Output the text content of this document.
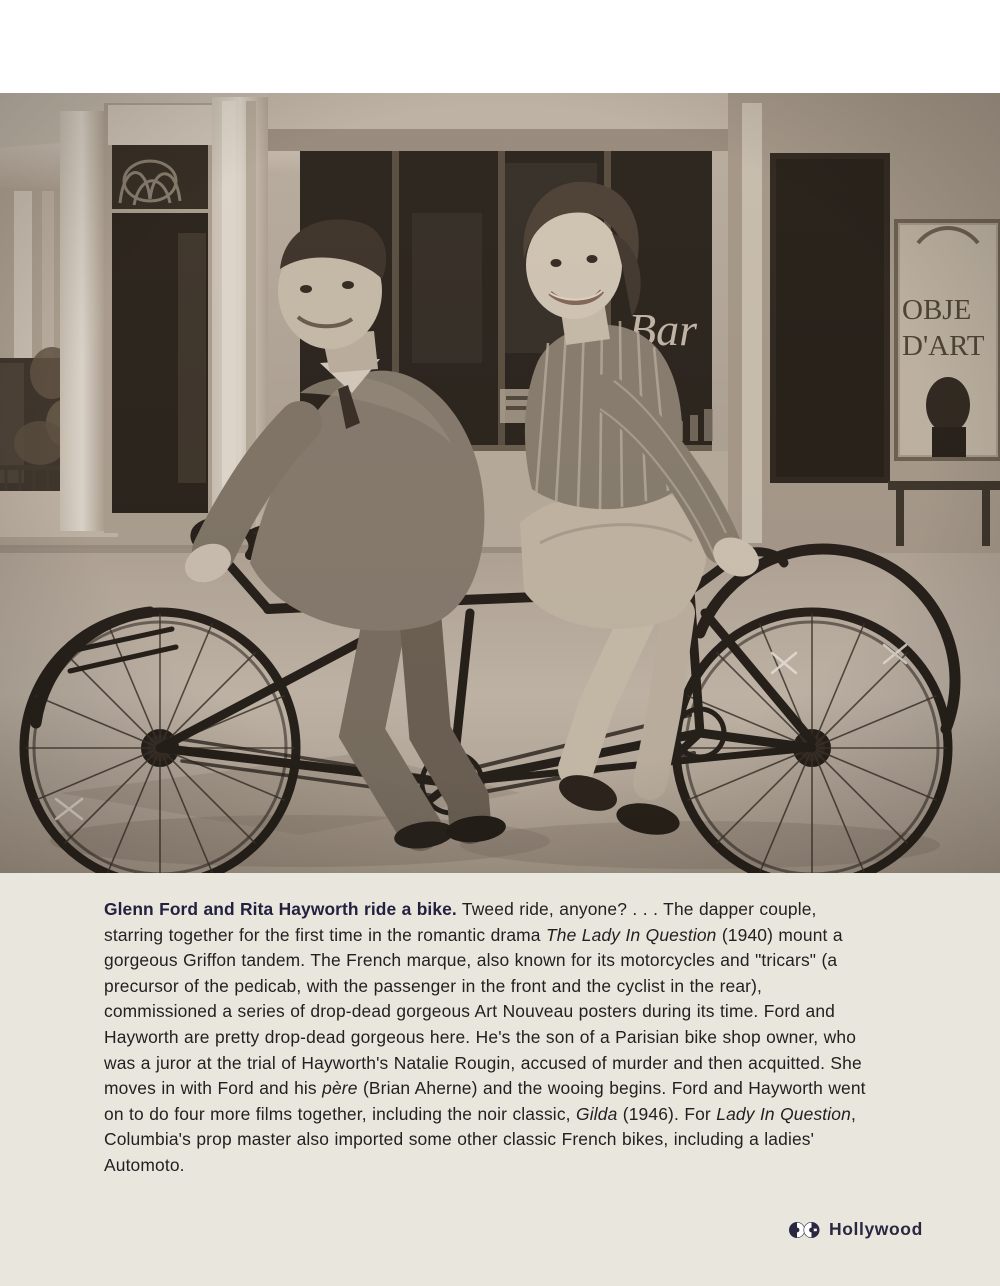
Glenn Ford and Rita Hayworth ride a bike. Tweed ride, anyone? . . . The dapper couple, starring together for the first time in the romantic drama The Lady In Question (1940) mount a gorgeous Griffon tandem. The French marque, also known for its motorcycles and "tricars" (a precursor of the pedicab, with the passenger in the front and the cyclist in the rear), commissioned a series of drop-dead gorgeous Art Nouveau posters during its time. Ford and Hayworth are pretty drop-dead gorgeous here. He's the son of a Parisian bike shop owner, who was a juror at the trial of Hayworth's Natalie Rougin, accused of murder and then acquitted. She moves in with Ford and his père (Brian Aherne) and the wooing begins. Ford and Hayworth went on to do four more films together, including the noir classic, Gilda (1946). For Lady In Question, Columbia's prop master also imported some other classic French bikes, including a ladies' Automoto.

Hollywood
